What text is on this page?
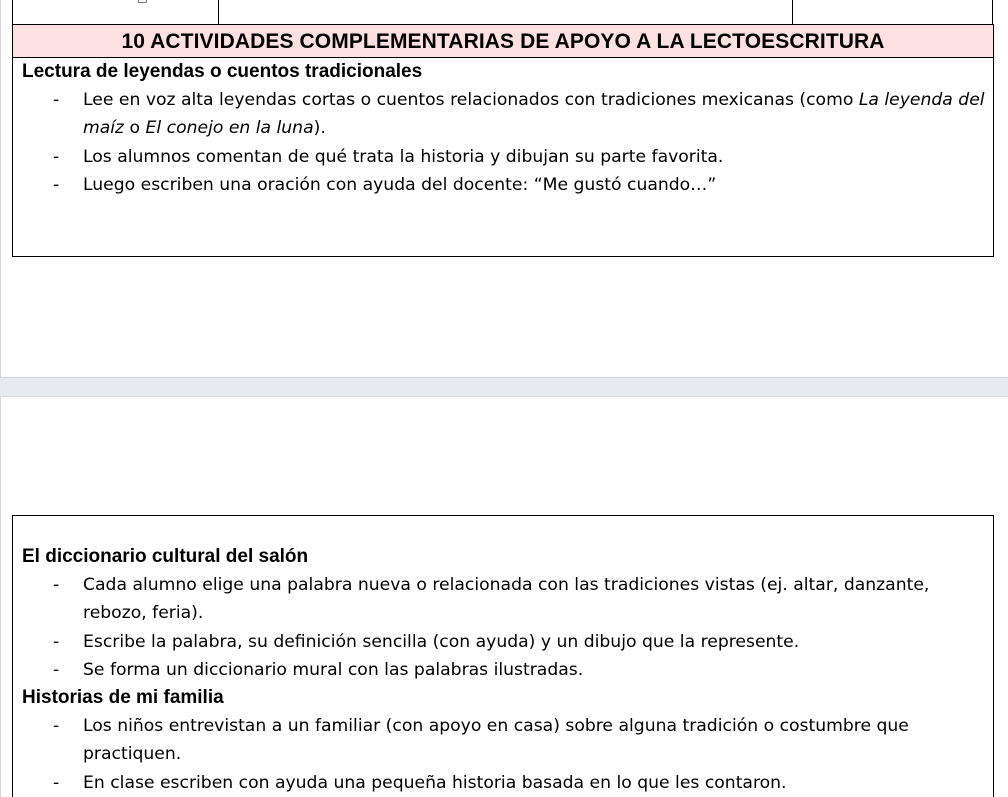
10 ACTIVIDADES COMPLEMENTARIAS DE APOYO A LA LECTOESCRITURA
Lectura de leyendas o cuentos tradicionales
- Lee en voz alta leyendas cortas o cuentos relacionados con tradiciones mexicanas (como La leyenda del maíz o El conejo en la luna).
- Los alumnos comentan de qué trata la historia y dibujan su parte favorita.
- Luego escriben una oración con ayuda del docente: “Me gustó cuando…”
El diccionario cultural del salón
- Cada alumno elige una palabra nueva o relacionada con las tradiciones vistas (ej. altar, danzante, rebozo, feria).
- Escribe la palabra, su definición sencilla (con ayuda) y un dibujo que la represente.
- Se forma un diccionario mural con las palabras ilustradas.
Historias de mi familia
- Los niños entrevistan a un familiar (con apoyo en casa) sobre alguna tradición o costumbre que practiquen.
- En clase escriben con ayuda una pequeña historia basada en lo que les contaron.
